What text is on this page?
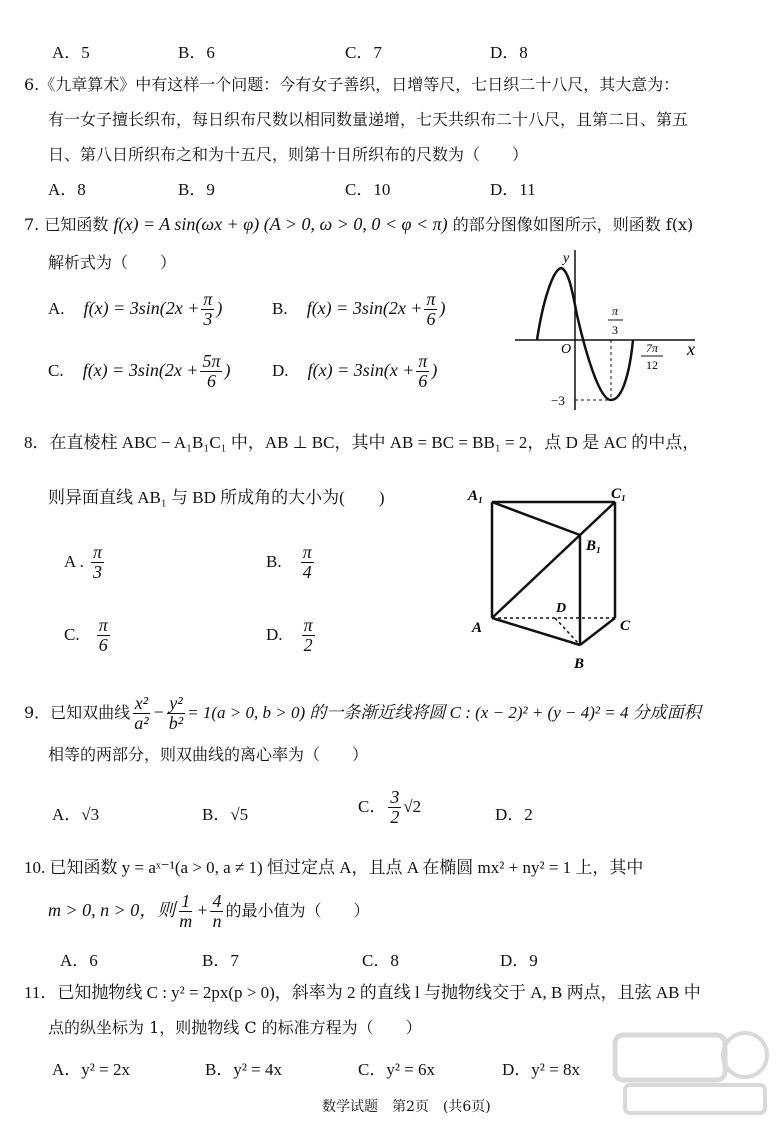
A．5	B．6	C．7	D．8
6.《九章算术》中有这样一个问题：今有女子善织，日增等尺，七日织二十八尺，其大意为：
有一女子擅长织布，每日织布尺数以相同数量递增，七天共织布二十八尺，且第二日、第五
日、第八日所织布之和为十五尺，则第十日所织布的尺数为（　　）
A．8	B．9	C．10	D．11
7. 已知函数 f(x) = A sin(ωx + φ) (A > 0, ω > 0, 0 < φ < π) 的部分图像如图所示，则函数 f(x)
解析式为（　　）
A. $f(x) = 3\sin(2x + \frac{\pi}{3}$ )	B. $f(x) = 3\sin(2x + \frac{\pi}{6}$ )
C. $f(x) = 3\sin(2x + \frac{5\pi}{6}$ ) D. $f(x) = 3\sin(x + \frac{\pi}{6}$ )
y
x
O
π
3
7π
12
−3
8．在直棱柱 ABC − A₁B₁C₁ 中，AB ⊥ BC，其中 AB = BC = BB₁ = 2，点 D 是 AC 的中点，
则异面直线 AB₁ 与 BD 所成角的大小为(　　)
A . $\frac{\pi}{3}$	B. $\frac{\pi}{4}$
C. $\frac{\pi}{6}$	D. $\frac{\pi}{2}$
A₁	C₁
B₁
D
A	C
B
9．已知双曲线 $\frac{\text{x²}}{\text{a²}} - \frac{\text{y²}}{\text{b²}} = 1(a > 0$, b > 0) 的一条渐近线将圆 C : (x − 2)² + (y − 4)² = 4 分成面积
相等的两部分，则双曲线的离心率为（　　）
A．√3	B．√5	C． $\frac{3}{2} √2$	D．2
10. 已知函数 y = aˣ⁻¹(a > 0, a ≠ 1) 恒过定点 A，且点 A 在椭圆 mx² + ny² = 1 上，其中
m > 0, n > 0，则 $\frac{1}{m} + \frac{4}{n}$ 的最小值为（　　）
A．6	B．7	C．8	D．9
11．已知抛物线 C : y² = 2px(p > 0)，斜率为 2 的直线 l 与抛物线交于 A, B 两点，且弦 AB 中
点的纵坐标为 1，则抛物线 C 的标准方程为（　　）
A．y² = 2x	B．y² = 4x	C．y² = 6x	D．y² = 8x
数学试题　第2页　(共6页)
